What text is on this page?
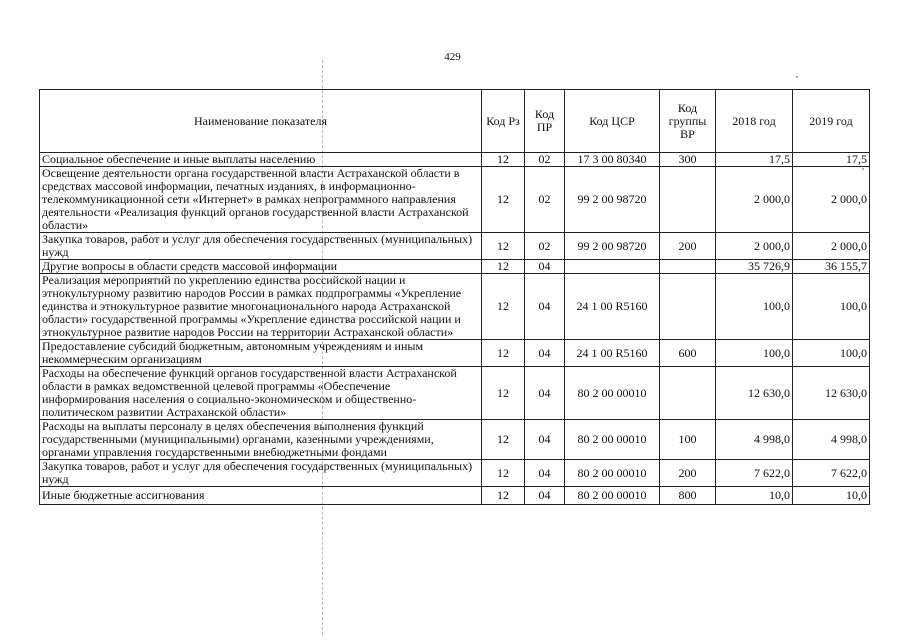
429
Наименование показателя	Код Рз	Код ПР	Код ЦСР	Код группы ВР	2018 год	2019 год
Социальное обеспечение и иные выплаты населению	12	02	17 3 00 80340	300	17,5	17,5
Освещение деятельности органа государственной власти Астраханской области в средствах массовой информации, печатных изданиях, в информационно-телекоммуникационной сети «Интернет» в рамках непрограммного направления деятельности «Реализация функций органов государственной власти Астраханской области»	12	02	99 2 00 98720		2 000,0	2 000,0
Закупка товаров, работ и услуг для обеспечения государственных (муниципальных) нужд	12	02	99 2 00 98720	200	2 000,0	2 000,0
Другие вопросы в области средств массовой информации	12	04			35 726,9	36 155,7
Реализация мероприятий по укреплению единства российской нации и этнокультурному развитию народов России в рамках подпрограммы «Укрепление единства и этнокультурное развитие многонационального народа Астраханской области» государственной программы «Укрепление единства российской нации и этнокультурное развитие народов России на территории Астраханской области»	12	04	24 1 00 R5160		100,0	100,0
Предоставление субсидий бюджетным, автономным учреждениям и иным некоммерческим организациям	12	04	24 1 00 R5160	600	100,0	100,0
Расходы на обеспечение функций органов государственной власти Астраханской области в рамках ведомственной целевой программы «Обеспечение информирования населения о социально-экономическом и общественно-политическом развитии Астраханской области»	12	04	80 2 00 00010		12 630,0	12 630,0
Расходы на выплаты персоналу в целях обеспечения выполнения функций государственными (муниципальными) органами, казенными учреждениями, органами управления государственными внебюджетными фондами	12	04	80 2 00 00010	100	4 998,0	4 998,0
Закупка товаров, работ и услуг для обеспечения государственных (муниципальных) нужд	12	04	80 2 00 00010	200	7 622,0	7 622,0
Иные бюджетные ассигнования	12	04	80 2 00 00010	800	10,0	10,0
